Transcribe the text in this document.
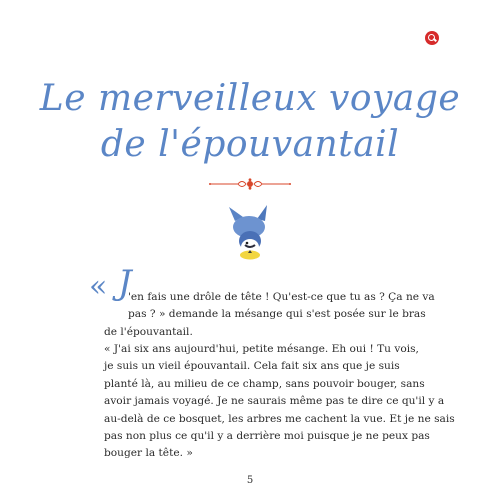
Le merveilleux voyage
de l'épouvantail
« J
'en fais une drôle de tête ! Qu'est-ce que tu as ? Ça ne va
pas ? » demande la mésange qui s'est posée sur le bras
de l'épouvantail.
« J'ai six ans aujourd'hui, petite mésange. Eh oui ! Tu vois,
je suis un vieil épouvantail. Cela fait six ans que je suis
planté là, au milieu de ce champ, sans pouvoir bouger, sans
avoir jamais voyagé. Je ne saurais même pas te dire ce qu'il y a
au-delà de ce bosquet, les arbres me cachent la vue. Et je ne sais
pas non plus ce qu'il y a derrière moi puisque je ne peux pas
bouger la tête. »
5
